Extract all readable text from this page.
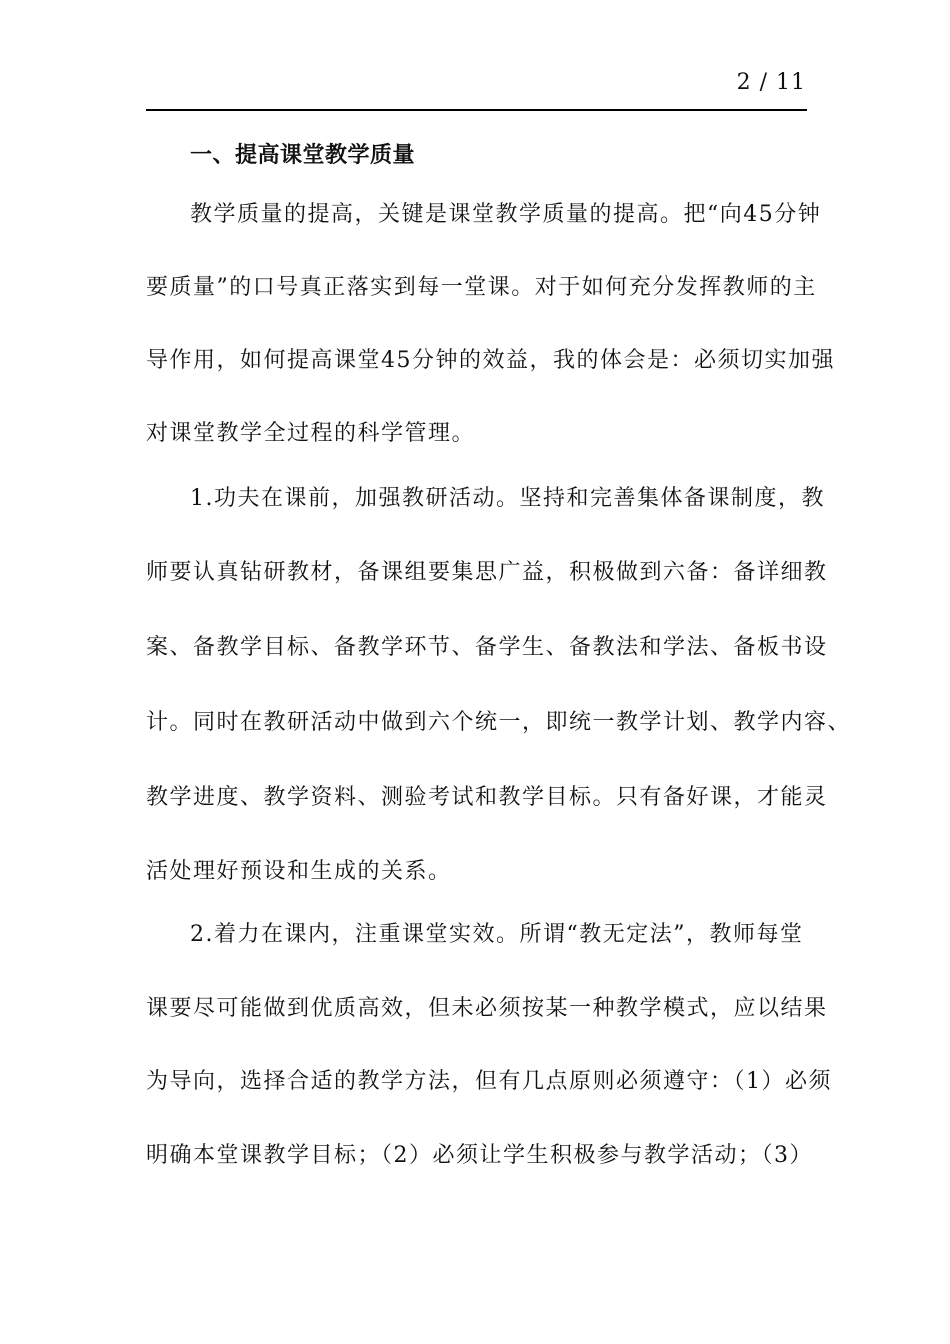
2 / 11
一、提高课堂教学质量
教学质量的提高，关键是课堂教学质量的提高。把“向45分钟
要质量”的口号真正落实到每一堂课。对于如何充分发挥教师的主
导作用，如何提高课堂45分钟的效益，我的体会是：必须切实加强
对课堂教学全过程的科学管理。
1.功夫在课前，加强教研活动。坚持和完善集体备课制度，教
师要认真钻研教材，备课组要集思广益，积极做到六备：备详细教
案、备教学目标、备教学环节、备学生、备教法和学法、备板书设
计。同时在教研活动中做到六个统一，即统一教学计划、教学内容、
教学进度、教学资料、测验考试和教学目标。只有备好课，才能灵
活处理好预设和生成的关系。
2.着力在课内，注重课堂实效。所谓“教无定法”，教师每堂
课要尽可能做到优质高效，但未必须按某一种教学模式，应以结果
为导向，选择合适的教学方法，但有几点原则必须遵守：（1）必须
明确本堂课教学目标；（2）必须让学生积极参与教学活动；（3）
